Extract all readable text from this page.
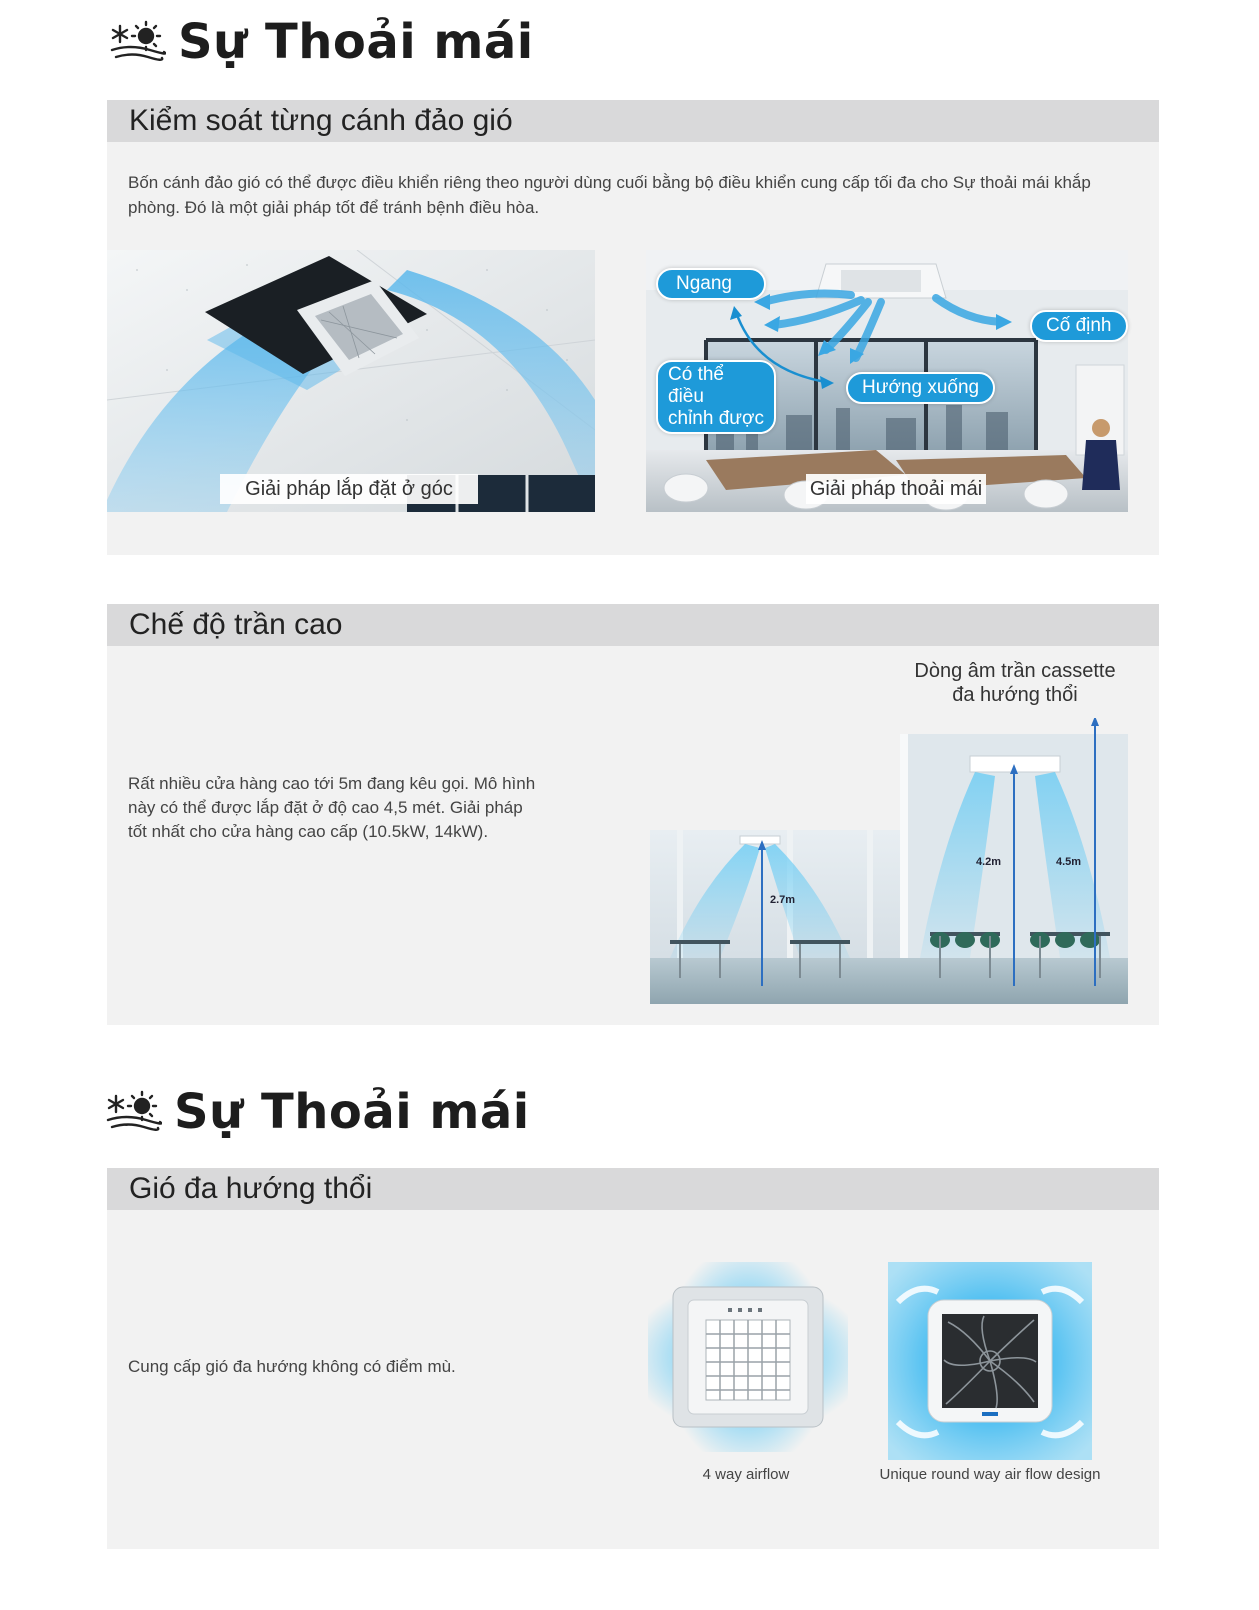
Sự Thoải mái
Kiểm soát từng cánh đảo gió
Bốn cánh đảo gió có thể được điều khiển riêng theo người dùng cuối bằng bộ điều khiển cung cấp tối đa cho Sự thoải mái khắp phòng. Đó là một giải pháp tốt để tránh bệnh điều hòa.
Giải pháp lắp đặt ở góc
Ngang
Cố định
Có thể điều
chỉnh được
Hướng xuống
Giải pháp thoải mái
Chế độ trần cao
Rất nhiều cửa hàng cao tới 5m đang kêu gọi. Mô hình
này có thể được lắp đặt ở độ cao 4,5 mét. Giải pháp
tốt nhất cho cửa hàng cao cấp (10.5kW, 14kW).
Dòng âm trần cassette
đa hướng thổi
2.7m
4.2m	4.5m
Sự Thoải mái
Gió đa hướng thổi
Cung cấp gió đa hướng không có điểm mù.
4 way airflow	Unique round way air flow design
